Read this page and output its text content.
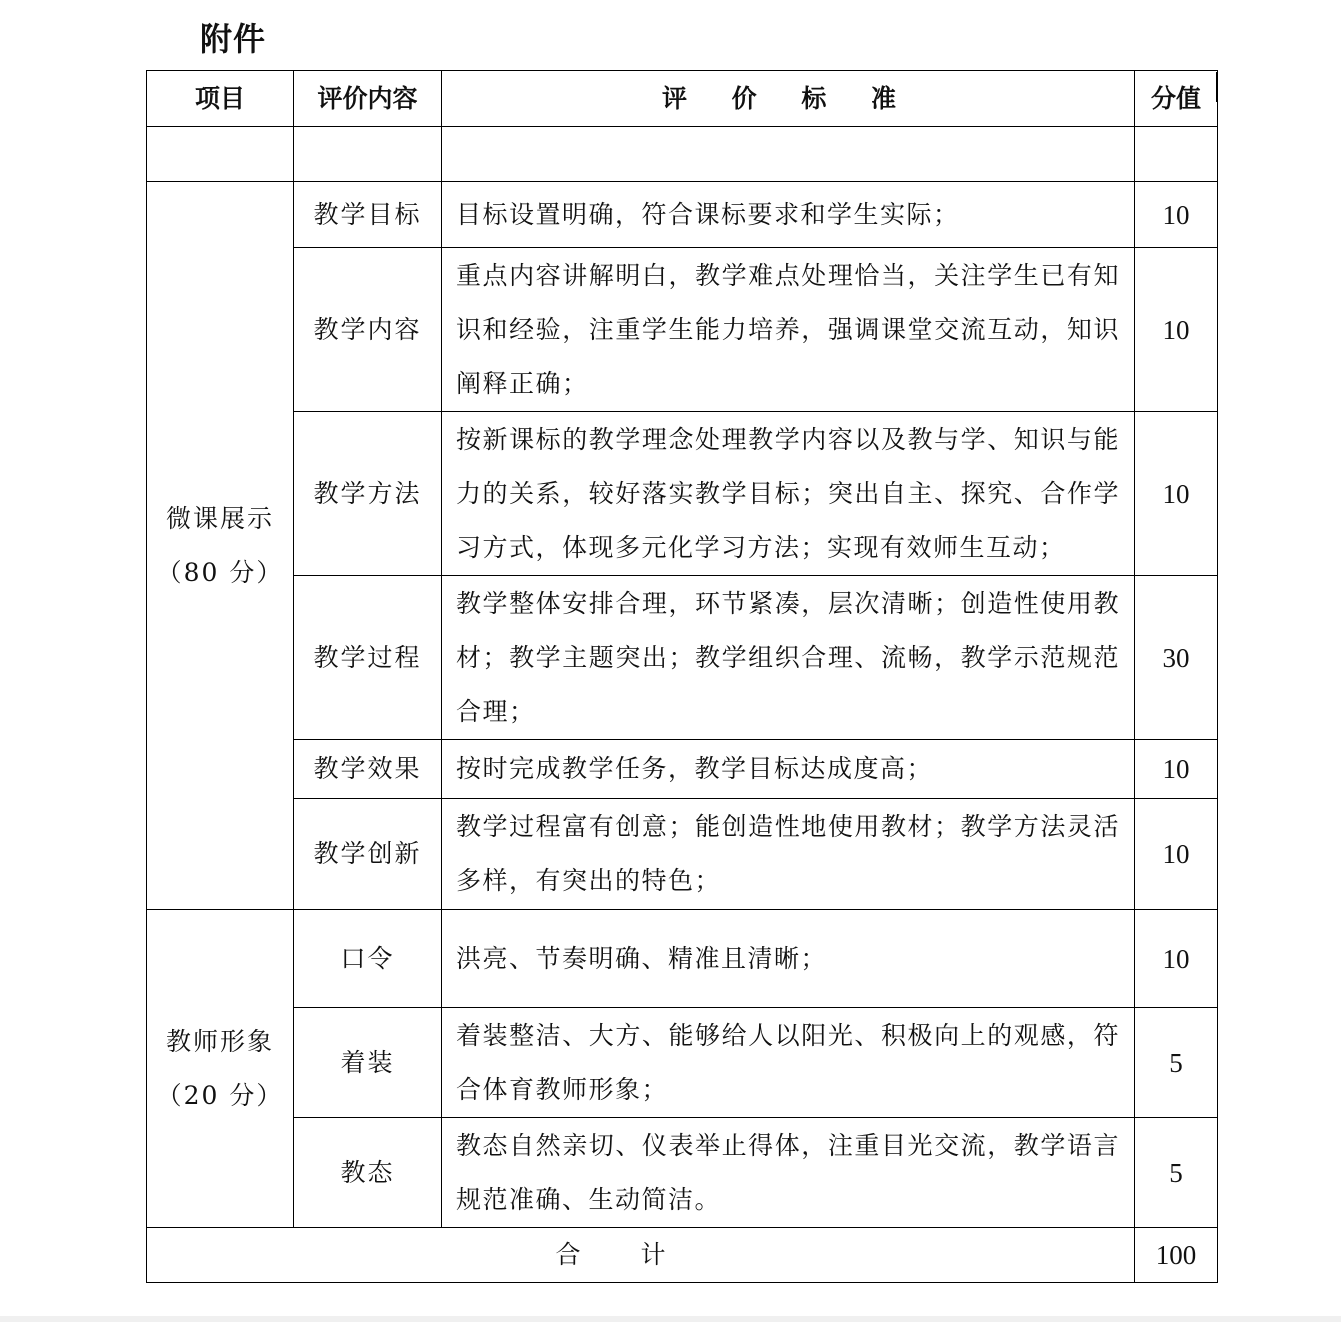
附件
项目	评价内容	评 价 标 准	分值

微课展示
（80 分）	教学目标	目标设置明确，符合课标要求和学生实际；	10
	教学内容	重点内容讲解明白，教学难点处理恰当，关注学生已有知识和经验，注重学生能力培养，强调课堂交流互动，知识阐释正确；	10
	教学方法	按新课标的教学理念处理教学内容以及教与学、知识与能力的关系，较好落实教学目标；突出自主、探究、合作学习方式，体现多元化学习方法；实现有效师生互动；	10
	教学过程	教学整体安排合理，环节紧凑，层次清晰；创造性使用教材；教学主题突出；教学组织合理、流畅，教学示范规范合理；	30
	教学效果	按时完成教学任务，教学目标达成度高；	10
	教学创新	教学过程富有创意；能创造性地使用教材；教学方法灵活多样，有突出的特色；	10

教师形象
（20 分）	口令	洪亮、节奏明确、精准且清晰；	10
	着装	着装整洁、大方、能够给人以阳光、积极向上的观感，符合体育教师形象；	5
	教态	教态自然亲切、仪表举止得体，注重目光交流，教学语言规范准确、生动简洁。	5
合计			100
